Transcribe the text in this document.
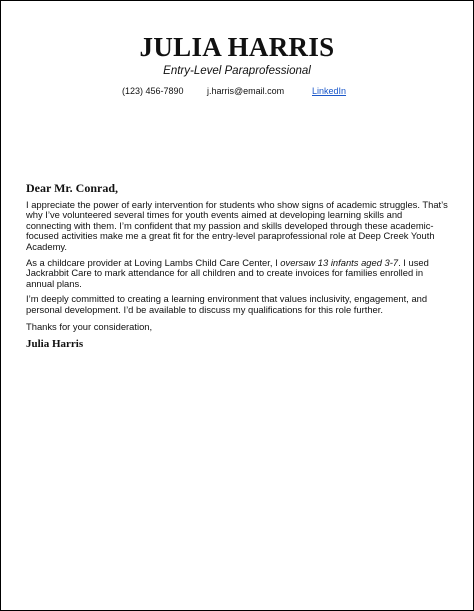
JULIA HARRIS
Entry-Level Paraprofessional
(123) 456-7890	j.harris@email.com	LinkedIn
Dear Mr. Conrad,

I appreciate the power of early intervention for students who show signs of academic struggles. That’s why I’ve volunteered several times for youth events aimed at developing learning skills and connecting with them. I’m confident that my passion and skills developed through these academic-focused activities make me a great fit for the entry-level paraprofessional role at Deep Creek Youth Academy.

As a childcare provider at Loving Lambs Child Care Center, I oversaw 13 infants aged 3-7. I used Jackrabbit Care to mark attendance for all children and to create invoices for families enrolled in annual plans.

I’m deeply committed to creating a learning environment that values inclusivity, engagement, and personal development. I’d be available to discuss my qualifications for this role further.

Thanks for your consideration,
Julia Harris
